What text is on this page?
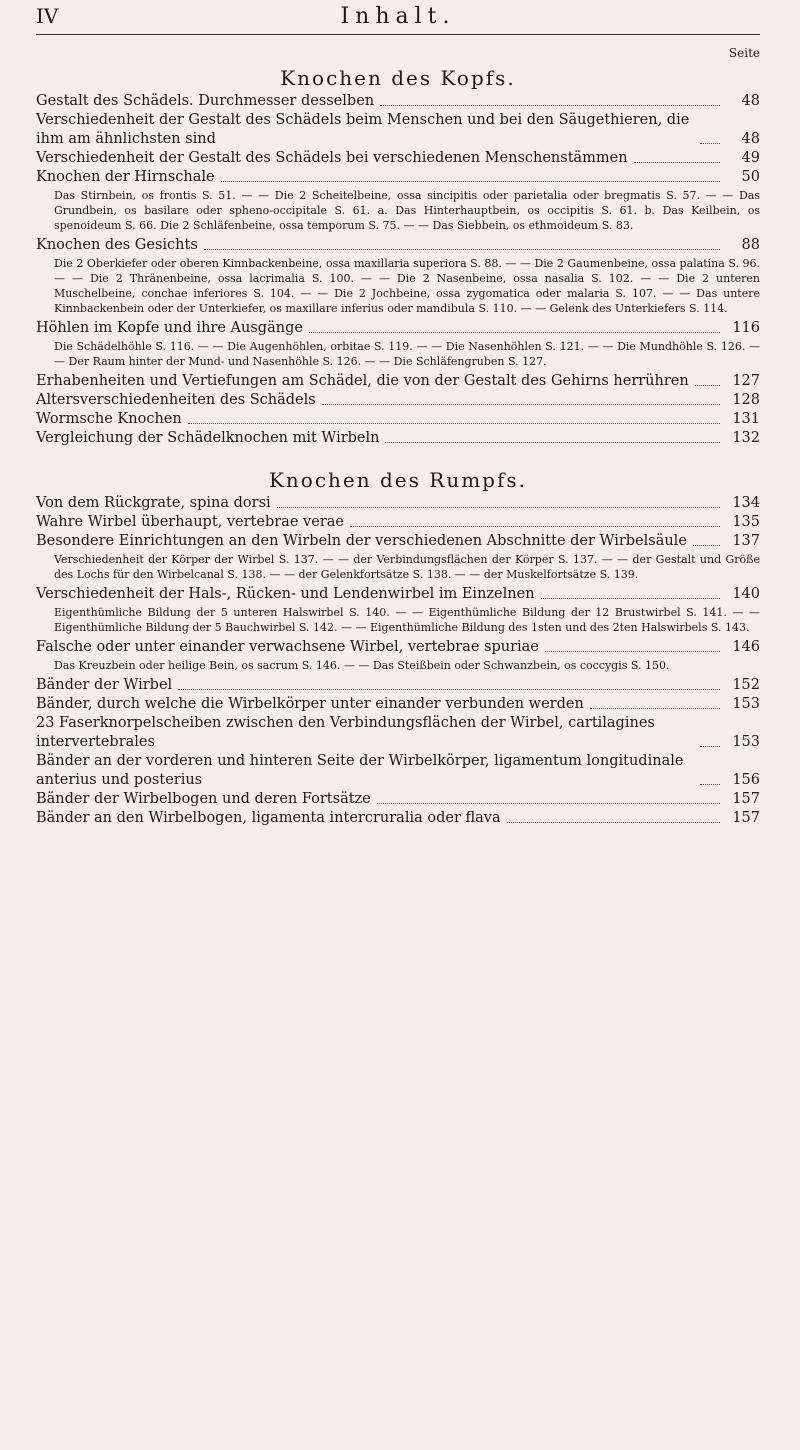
IV	Inhalt.
Seite
Knochen des Kopfs.
Gestalt des Schädels. Durchmesser desselben	48
Verschiedenheit der Gestalt des Schädels beim Menschen und bei den Säugethieren, die ihm am ähnlichsten sind	48
Verschiedenheit der Gestalt des Schädels bei verschiedenen Menschenstämmen	49
Knochen der Hirnschale	50
Das Stirnbein, os frontis S. 51. — — Die 2 Scheitelbeine, ossa sincipitis oder parietalia oder bregmatis S. 57. — — Das Grundbein, os basilare oder spheno-occipitale S. 61. a. Das Hinterhauptbein, os occipitis S. 61. b. Das Keilbein, os spenoideum S. 66. Die 2 Schläfenbeine, ossa temporum S. 75. — — Das Siebbein, os ethmoideum S. 83.
Knochen des Gesichts	88
Die 2 Oberkiefer oder oberen Kinnbackenbeine, ossa maxillaria superiora S. 88. — — Die 2 Gaumenbeine, ossa palatina S. 96. — — Die 2 Thränenbeine, ossa lacrimalia S. 100. — — Die 2 Nasenbeine, ossa nasalia S. 102. — — Die 2 unteren Muschelbeine, conchae inferiores S. 104. — — Die 2 Jochbeine, ossa zygomatica oder malaria S. 107. — — Das untere Kinnbackenbein oder der Unterkiefer, os maxillare inferius oder mandibula S. 110. — — Gelenk des Unterkiefers S. 114.
Höhlen im Kopfe und ihre Ausgänge	116
Die Schädelhöhle S. 116. — — Die Augenhöhlen, orbitae S. 119. — — Die Nasenhöhlen S. 121. — — Die Mundhöhle S. 126. — — Der Raum hinter der Mund- und Nasenhöhle S. 126. — — Die Schläfengruben S. 127.
Erhabenheiten und Vertiefungen am Schädel, die von der Gestalt des Gehirns herrühren	127
Altersverschiedenheiten des Schädels	128
Wormsche Knochen	131
Vergleichung der Schädelknochen mit Wirbeln	132
Knochen des Rumpfs.
Von dem Rückgrate, spina dorsi	134
Wahre Wirbel überhaupt, vertebrae verae	135
Besondere Einrichtungen an den Wirbeln der verschiedenen Abschnitte der Wirbelsäule	137
Verschiedenheit der Körper der Wirbel S. 137. — — der Verbindungsflächen der Körper S. 137. — — der Gestalt und Größe des Lochs für den Wirbelcanal S. 138. — — der Gelenkfortsätze S. 138. — — der Muskelfortsätze S. 139.
Verschiedenheit der Hals-, Rücken- und Lendenwirbel im Einzelnen	140
Eigenthümliche Bildung der 5 unteren Halswirbel S. 140. — — Eigenthümliche Bildung der 12 Brustwirbel S. 141. — — Eigenthümliche Bildung der 5 Bauchwirbel S. 142. — — Eigenthümliche Bildung des 1sten und des 2ten Halswirbels S. 143.
Falsche oder unter einander verwachsene Wirbel, vertebrae spuriae	146
Das Kreuzbein oder heilige Bein, os sacrum S. 146. — — Das Steißbein oder Schwanzbein, os coccygis S. 150.
Bänder der Wirbel	152
Bänder, durch welche die Wirbelkörper unter einander verbunden werden	153
23 Faserknorpelscheiben zwischen den Verbindungsflächen der Wirbel, cartilagines intervertebrales	153
Bänder an der vorderen und hinteren Seite der Wirbelkörper, ligamentum longitudinale anterius und posterius	156
Bänder der Wirbelbogen und deren Fortsätze	157
Bänder an den Wirbelbogen, ligamenta intercruralia oder flava	157
